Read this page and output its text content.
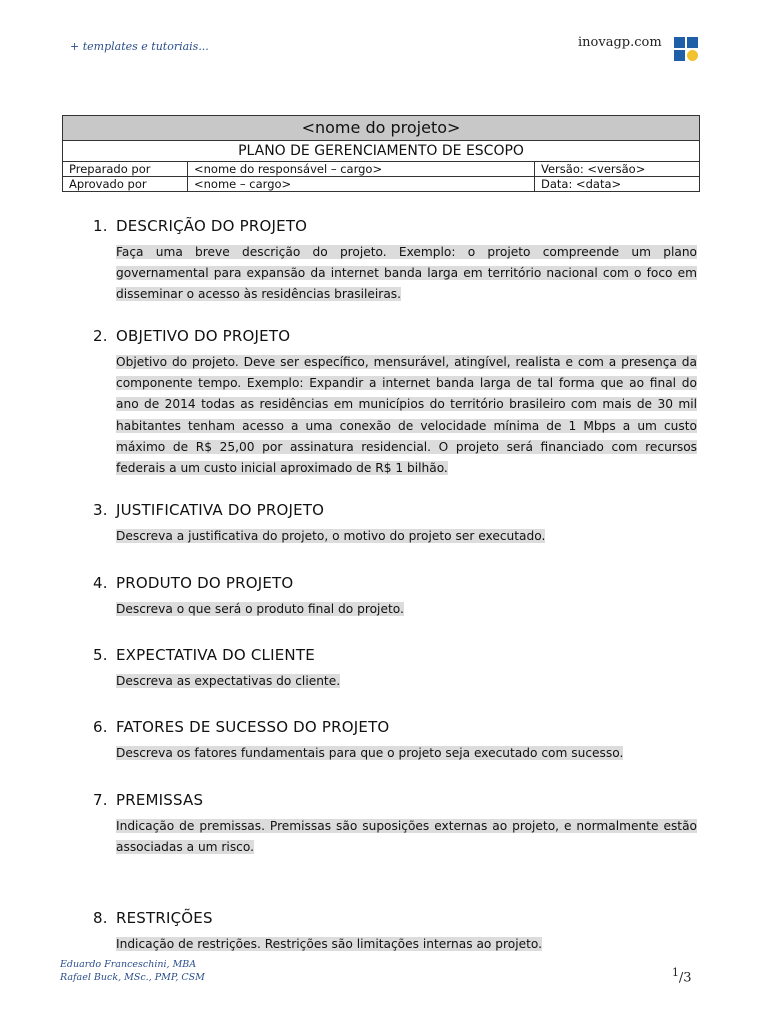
+ templates e tutoriais...	inovagp.com
<nome do projeto>		
PLANO DE GERENCIAMENTO DE ESCOPO		
Preparado por	<nome do responsável – cargo>	Versão: <versão>
Aprovado por	<nome – cargo>	Data: <data>
1. DESCRIÇÃO DO PROJETO

Faça uma breve descrição do projeto. Exemplo: o projeto compreende um plano governamental para expansão da internet banda larga em território nacional com o foco em disseminar o acesso às residências brasileiras.

2. OBJETIVO DO PROJETO

Objetivo do projeto. Deve ser específico, mensurável, atingível, realista e com a presença da componente tempo. Exemplo: Expandir a internet banda larga de tal forma que ao final do ano de 2014 todas as residências em municípios do território brasileiro com mais de 30 mil habitantes tenham acesso a uma conexão de velocidade mínima de 1 Mbps a um custo máximo de R$ 25,00 por assinatura residencial. O projeto será financiado com recursos federais a um custo inicial aproximado de R$ 1 bilhão.

3. JUSTIFICATIVA DO PROJETO

Descreva a justificativa do projeto, o motivo do projeto ser executado.

4. PRODUTO DO PROJETO

Descreva o que será o produto final do projeto.

5. EXPECTATIVA DO CLIENTE

Descreva as expectativas do cliente.

6. FATORES DE SUCESSO DO PROJETO

Descreva os fatores fundamentais para que o projeto seja executado com sucesso.

7. PREMISSAS

Indicação de premissas. Premissas são suposições externas ao projeto, e normalmente estão associadas a um risco.

8. RESTRIÇÕES

Indicação de restrições. Restrições são limitações internas ao projeto.

Eduardo Franceschini, MBA
Rafael Buck, MSc., PMP, CSM	$^1$/3
